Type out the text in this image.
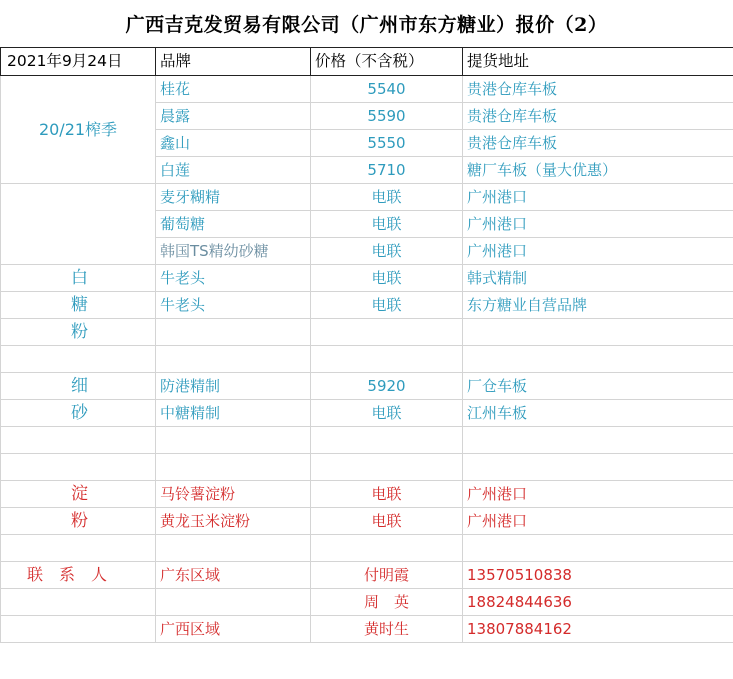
广西吉克发贸易有限公司（广州市东方糖业）报价（2）
2021年9月24日	品牌	价格（不含税）	提货地址
20/21榨季	桂花	5540	贵港仓库车板
	晨露	5590	贵港仓库车板
	鑫山	5550	贵港仓库车板
	白莲	5710	糖厂车板（量大优惠）
	麦牙糊精	电联	广州港口
	葡萄糖	电联	广州港口
	韩国TS精幼砂糖	电联	广州港口
白	牛老头	电联	韩式精制
糖	牛老头	电联	东方糖业自营品牌
粉			

细	防港精制	5920	厂仓车板
砂	中糖精制	电联	江州车板

淀	马铃薯淀粉	电联	广州港口
粉	黄龙玉米淀粉	电联	广州港口

联　系　人	广东区域	付明霞	13570510838
		周　英	18824844636
	广西区域	黄时生	13807884162
